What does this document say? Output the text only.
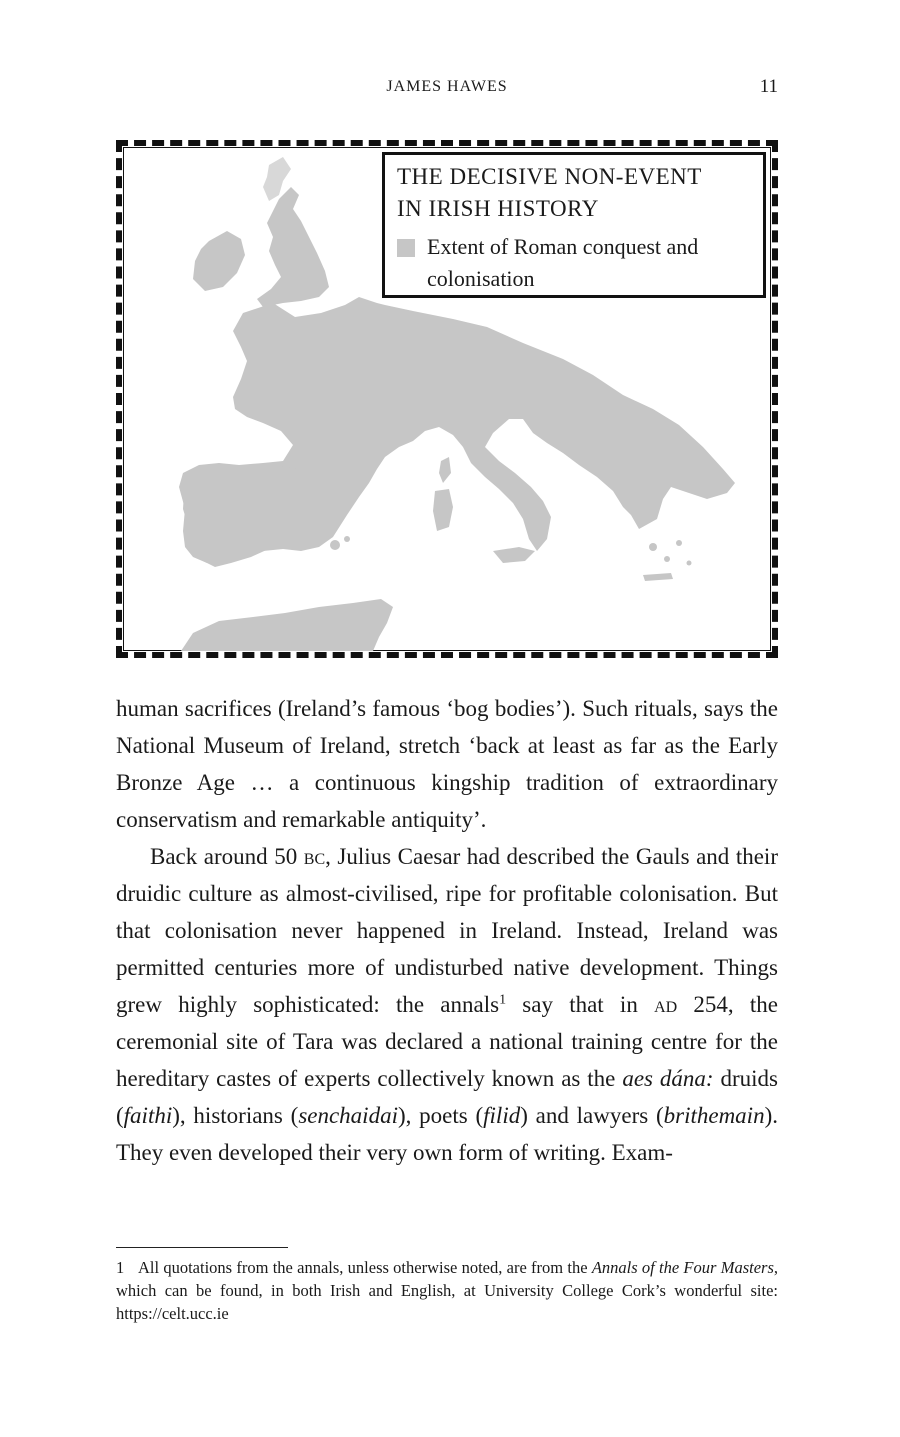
JAMES HAWES	11

THE DECISIVE NON-EVENT
IN IRISH HISTORY

Extent of Roman conquest and
colonisation

human sacrifices (Ireland’s famous ‘bog bodies’). Such rituals, says the National Museum of Ireland, stretch ‘back at least as far as the Early Bronze Age … a continuous kingship tradition of extraordinary conservatism and remarkable antiquity’.

Back around 50 bc, Julius Caesar had described the Gauls and their druidic culture as almost-civilised, ripe for profitable colonisation. But that colonisation never happened in Ireland. Instead, Ireland was permitted centuries more of undisturbed native development. Things grew highly sophisticated: the annals$^1$ say that in ad 254, the ceremonial site of Tara was declared a national training centre for the hereditary castes of experts collectively known as the aes dána: druids (faithi), historians (senchaidai), poets (filid) and lawyers (brithemain). They even developed their very own form of writing. Exam-

1 All quotations from the annals, unless otherwise noted, are from the Annals of the Four Masters, which can be found, in both Irish and English, at University College Cork’s wonderful site: https://celt.ucc.ie
